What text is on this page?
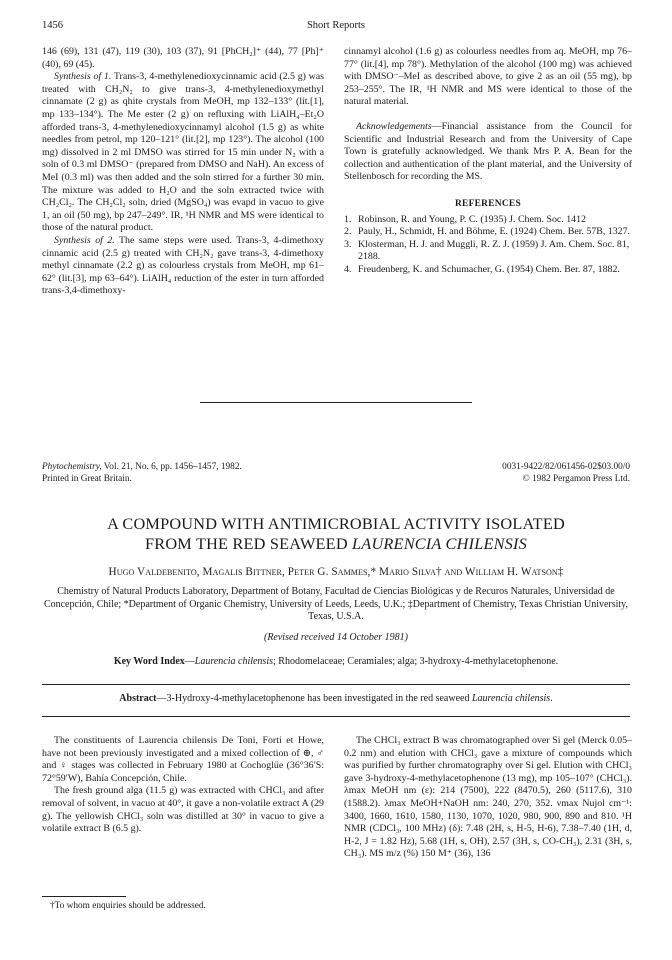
1456	Short Reports

146 (69), 131 (47), 119 (30), 103 (37), 91 [PhCH₂]⁺ (44), 77 [Ph]⁺ (40), 69 (45).

Synthesis of 1. Trans-3, 4-methylenedioxycinnamic acid (2.5 g) was treated with CH₂N₂ to give trans-3, 4-methylenedioxymethyl cinnamate (2 g) as qhite crystals from MeOH, mp 132–133° (lit.[1], mp 133–134°). The Me ester (2 g) on refluxing with LiAlH₄–Et₂O afforded trans-3, 4-methylenedioxycinnamyl alcohol (1.5 g) as white needles from petrol, mp 120–121° (lit.[2], mp 123°). The alcohol (100 mg) dissolved in 2 ml DMSO was stirred for 15 min under N₂ with a soln of 0.3 ml DMSO⁻ (prepared from DMSO and NaH). An excess of MeI (0.3 ml) was then added and the soln stirred for a further 30 min. The mixture was added to H₂O and the soln extracted twice with CH₂Cl₂. The CH₂Cl₂ soln, dried (MgSO₄) was evapd in vacuo to give 1, an oil (50 mg), bp 247–249°. IR, ¹H NMR and MS were identical to those of the natural product.

Synthesis of 2. The same steps were used. Trans-3, 4-dimethoxy cinnamic acid (2.5 g) treated with CH₂N₂ gave trans-3, 4-dimethoxy methyl cinnamate (2.2 g) as colourless crystals from MeOH, mp 61–62° (lit.[3], mp 63–64°). LiAlH₄ reduction of the ester in turn afforded trans-3,4-dimethoxy-

cinnamyl alcohol (1.6 g) as colourless needles from aq. MeOH, mp 76–77° (lit.[4], mp 78°). Methylation of the alcohol (100 mg) was achieved with DMSO⁻–MeI as described above, to give 2 as an oil (55 mg), bp 253–255°. The IR, ¹H NMR and MS were identical to those of the natural material.

Acknowledgements—Financial assistance from the Council for Scientific and Industrial Research and from the University of Cape Town is gratefully acknowledged. We thank Mrs P. A. Bean for the collection and authentication of the plant material, and the University of Stellenbosch for recording the MS.

REFERENCES
1. Robinson, R. and Young, P. C. (1935) J. Chem. Soc. 1412
2. Pauly, H., Schmidt, H. and Böhme, E. (1924) Chem. Ber. 57B, 1327.
3. Klosterman, H. J. and Muggli, R. Z. J. (1959) J. Am. Chem. Soc. 81, 2188.
4. Freudenberg, K. and Schumacher, G. (1954) Chem. Ber. 87, 1882.
Phytochemistry, Vol. 21, No. 6, pp. 1456–1457, 1982.
Printed in Great Britain.
0031-9422/82/061456-02$03.00/0
© 1982 Pergamon Press Ltd.
A COMPOUND WITH ANTIMICROBIAL ACTIVITY ISOLATED
FROM THE RED SEAWEED LAURENCIA CHILENSIS
Hugo Valdebenito, Magalis Bittner, Peter G. Sammes,* Mario Silva† and William H. Watson‡
Chemistry of Natural Products Laboratory, Department of Botany, Facultad de Ciencias Biológicas y de Recuros Naturales, Universidad de Concepción, Chile; *Department of Organic Chemistry, University of Leeds, Leeds, U.K.; ‡Department of Chemistry, Texas Christian University, Texas, U.S.A.
(Revised received 14 October 1981)
Key Word Index—Laurencia chilensis; Rhodomelaceae; Ceramiales; alga; 3-hydroxy-4-methylacetophenone.
Abstract—3-Hydroxy-4-methylacetophenone has been investigated in the red seaweed Laurencia chilensis.

The constituents of Laurencia chilensis De Toni, Forti et Howe, have not been previously investigated and a mixed collection of ⊕, ♂ and ♀ stages was collected in February 1980 at Cochoglüe (36°36′S: 72°59′W), Bahía Concepción, Chile.

The fresh ground alga (11.5 g) was extracted with CHCl₃ and after removal of solvent, in vacuo at 40°, it gave a non-volatile extract A (29 g). The yellowish CHCl₃ soln was distilled at 30° in vacuo to give a volatile extract B (6.5 g).

The CHCl₃ extract B was chromatographed over Si gel (Merck 0.05–0.2 nm) and elution with CHCl₃ gave a mixture of compounds which was purified by further chromatography over Si gel. Elution with CHCl₃ gave 3-hydroxy-4-methylacetophenone (13 mg), mp 105–107° (CHCl₃). λmax MeOH nm (ε): 214 (7500), 222 (8470.5), 260 (5117.6), 310 (1588.2). λmax MeOH+NaOH nm: 240, 270, 352. νmax Nujol cm⁻¹: 3400, 1660, 1610, 1580, 1130, 1070, 1020, 980, 900, 890 and 810. ¹H NMR (CDCl₃, 100 MHz) (δ): 7.48 (2H, s, H-5, H-6), 7.38–7.40 (1H, d, H-2, J = 1.82 Hz), 5.68 (1H, s, OH), 2.57 (3H, s, CO-CH₃), 2.31 (3H, s, CH₃). MS m/z (%) 150 M⁺ (36), 136

†To whom enquiries should be addressed.
